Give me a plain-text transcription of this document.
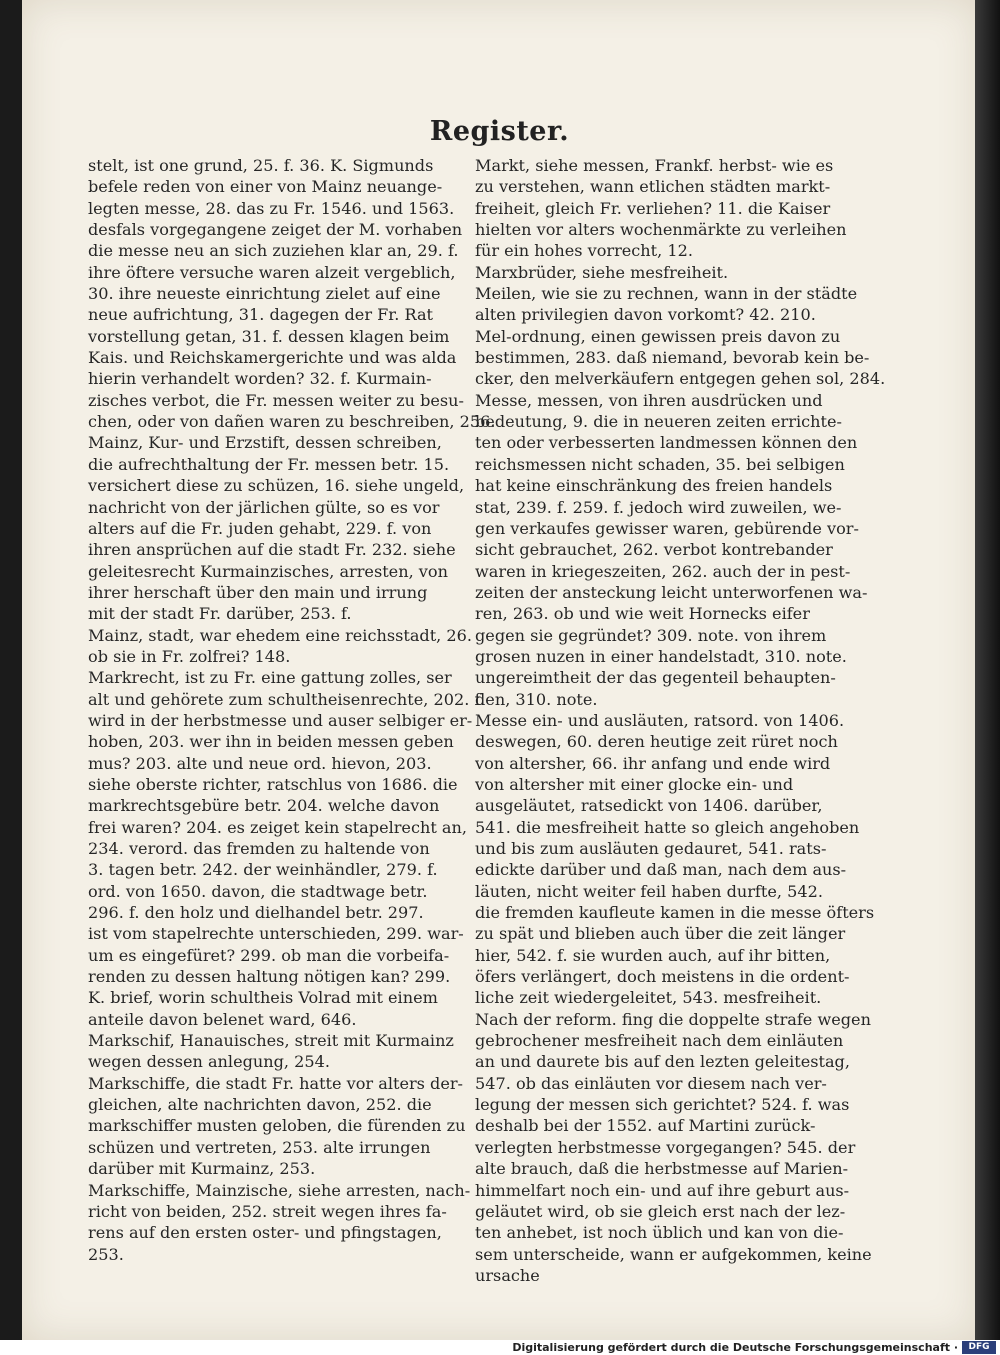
Register.
stelt, ist one grund, 25. f. 36. K. Sigmunds
befele reden von einer von Mainz neuange-
legten messe, 28. das zu Fr. 1546. und 1563.
desfals vorgegangene zeiget der M. vorhaben
die messe neu an sich zuziehen klar an, 29. f.
ihre öftere versuche waren alzeit vergeblich,
30. ihre neueste einrichtung zielet auf eine
neue aufrichtung, 31. dagegen der Fr. Rat
vorstellung getan, 31. f. dessen klagen beim
Kais. und Reichskamergerichte und was alda
hierin verhandelt worden? 32. f. Kurmain-
zisches verbot, die Fr. messen weiter zu besu-
chen, oder von dañen waren zu beschreiben, 256.
Mainz, Kur- und Erzstift, dessen schreiben,
die aufrechthaltung der Fr. messen betr. 15.
versichert diese zu schüzen, 16. siehe ungeld,
nachricht von der järlichen gülte, so es vor
alters auf die Fr. juden gehabt, 229. f. von
ihren ansprüchen auf die stadt Fr. 232. siehe
geleitesrecht Kurmainzisches, arresten, von
ihrer herschaft über den main und irrung
mit der stadt Fr. darüber, 253. f.
Mainz, stadt, war ehedem eine reichsstadt, 26.
ob sie in Fr. zolfrei? 148.
Markrecht, ist zu Fr. eine gattung zolles, ser
alt und gehörete zum schultheisenrechte, 202. f.
wird in der herbstmesse und auser selbiger er-
hoben, 203. wer ihn in beiden messen geben
mus? 203. alte und neue ord. hievon, 203.
siehe oberste richter, ratschlus von 1686. die
markrechtsgebüre betr. 204. welche davon
frei waren? 204. es zeiget kein stapelrecht an,
234. verord. das fremden zu haltende von
3. tagen betr. 242. der weinhändler, 279. f.
ord. von 1650. davon, die stadtwage betr.
296. f. den holz und dielhandel betr. 297.
ist vom stapelrechte unterschieden, 299. war-
um es eingefüret? 299. ob man die vorbeifa-
renden zu dessen haltung nötigen kan? 299.
K. brief, worin schultheis Volrad mit einem
anteile davon belenet ward, 646.
Markschif, Hanauisches, streit mit Kurmainz
wegen dessen anlegung, 254.
Markschiffe, die stadt Fr. hatte vor alters der-
gleichen, alte nachrichten davon, 252. die
markschiffer musten geloben, die fürenden zu
schüzen und vertreten, 253. alte irrungen
darüber mit Kurmainz, 253.
Markschiffe, Mainzische, siehe arresten, nach-
richt von beiden, 252. streit wegen ihres fa-
rens auf den ersten oster- und pfingstagen,
253.
Markt, siehe messen, Frankf. herbst- wie es
zu verstehen, wann etlichen städten markt-
freiheit, gleich Fr. verliehen? 11. die Kaiser
hielten vor alters wochenmärkte zu verleihen
für ein hohes vorrecht, 12.
Marxbrüder, siehe mesfreiheit.
Meilen, wie sie zu rechnen, wann in der städte
alten privilegien davon vorkomt? 42. 210.
Mel-ordnung, einen gewissen preis davon zu
bestimmen, 283. daß niemand, bevorab kein be-
cker, den melverkäufern entgegen gehen sol, 284.
Messe, messen, von ihren ausdrücken und
bedeutung, 9. die in neueren zeiten errichte-
ten oder verbesserten landmessen können den
reichsmessen nicht schaden, 35. bei selbigen
hat keine einschränkung des freien handels
stat, 239. f. 259. f. jedoch wird zuweilen, we-
gen verkaufes gewisser waren, gebürende vor-
sicht gebrauchet, 262. verbot kontrebander
waren in kriegeszeiten, 262. auch der in pest-
zeiten der ansteckung leicht unterworfenen wa-
ren, 263. ob und wie weit Hornecks eifer
gegen sie gegründet? 309. note. von ihrem
grosen nuzen in einer handelstadt, 310. note.
ungereimtheit der das gegenteil behaupten-
den, 310. note.
Messe ein- und ausläuten, ratsord. von 1406.
deswegen, 60. deren heutige zeit rüret noch
von altersher, 66. ihr anfang und ende wird
von altersher mit einer glocke ein- und
ausgeläutet, ratsedickt von 1406. darüber,
541. die mesfreiheit hatte so gleich angehoben
und bis zum ausläuten gedauret, 541. rats-
edickte darüber und daß man, nach dem aus-
läuten, nicht weiter feil haben durfte, 542.
die fremden kaufleute kamen in die messe öfters
zu spät und blieben auch über die zeit länger
hier, 542. f. sie wurden auch, auf ihr bitten,
öfers verlängert, doch meistens in die ordent-
liche zeit wiedergeleitet, 543. mesfreiheit.
Nach der reform. fing die doppelte strafe wegen
gebrochener mesfreiheit nach dem einläuten
an und daurete bis auf den lezten geleitestag,
547. ob das einläuten vor diesem nach ver-
legung der messen sich gerichtet? 524. f. was
deshalb bei der 1552. auf Martini zurück-
verlegten herbstmesse vorgegangen? 545. der
alte brauch, daß die herbstmesse auf Marien-
himmelfart noch ein- und auf ihre geburt aus-
geläutet wird, ob sie gleich erst nach der lez-
ten anhebet, ist noch üblich und kan von die-
sem unterscheide, wann er aufgekommen, keine
ursache
Digitalisierung gefördert durch die Deutsche Forschungsgemeinschaft ·	DFG
